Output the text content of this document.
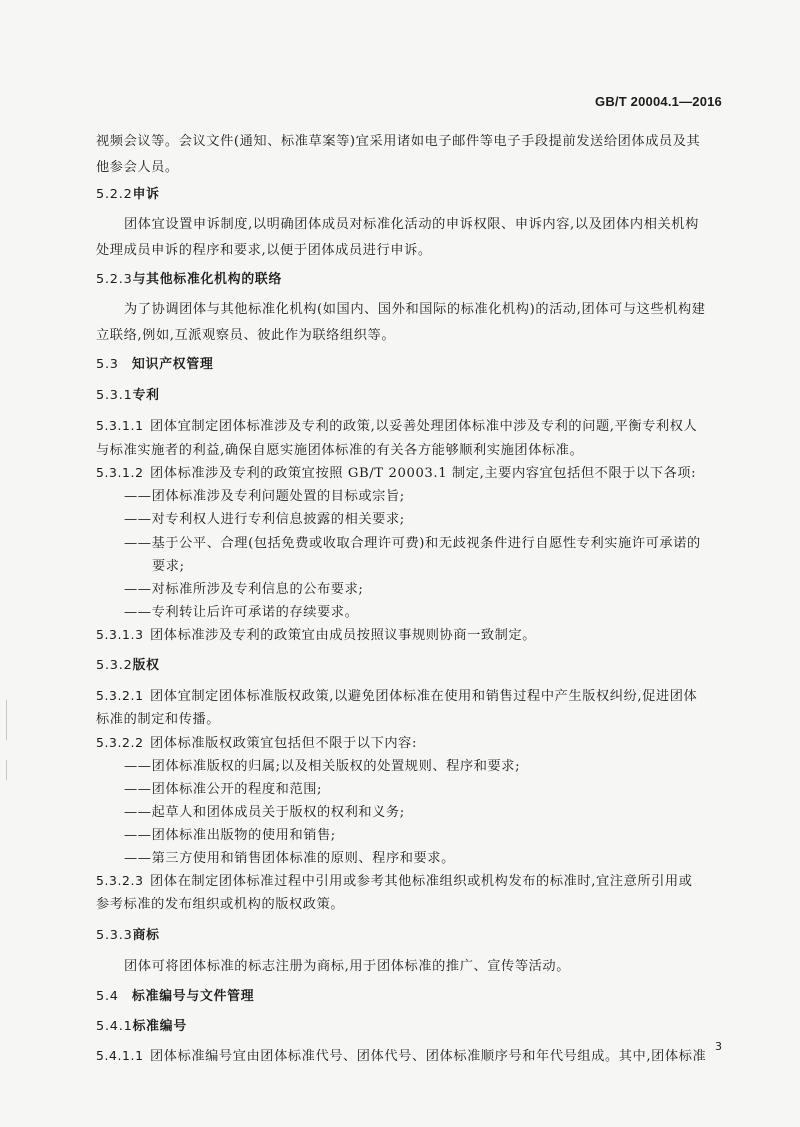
GB/T 20004.1—2016
视频会议等。会议文件(通知、标准草案等)宜采用诸如电子邮件等电子手段提前发送给团体成员及其
他参会人员。
5.2.2申诉
团体宜设置申诉制度,以明确团体成员对标准化活动的申诉权限、申诉内容,以及团体内相关机构
处理成员申诉的程序和要求,以便于团体成员进行申诉。
5.2.3与其他标准化机构的联络
为了协调团体与其他标准化机构(如国内、国外和国际的标准化机构)的活动,团体可与这些机构建
立联络,例如,互派观察员、彼此作为联络组织等。
5.3 知识产权管理
5.3.1专利
5.3.1.1 团体宜制定团体标准涉及专利的政策,以妥善处理团体标准中涉及专利的问题,平衡专利权人
与标准实施者的利益,确保自愿实施团体标准的有关各方能够顺利实施团体标准。
5.3.1.2 团体标准涉及专利的政策宜按照 GB/T 20003.1 制定,主要内容宜包括但不限于以下各项:
——团体标准涉及专利问题处置的目标或宗旨;
——对专利权人进行专利信息披露的相关要求;
——基于公平、合理(包括免费或收取合理许可费)和无歧视条件进行自愿性专利实施许可承诺的
要求;
——对标准所涉及专利信息的公布要求;
——专利转让后许可承诺的存续要求。
5.3.1.3 团体标准涉及专利的政策宜由成员按照议事规则协商一致制定。
5.3.2版权
5.3.2.1 团体宜制定团体标准版权政策,以避免团体标准在使用和销售过程中产生版权纠纷,促进团体
标准的制定和传播。
5.3.2.2 团体标准版权政策宜包括但不限于以下内容:
——团体标准版权的归属;以及相关版权的处置规则、程序和要求;
——团体标准公开的程度和范围;
——起草人和团体成员关于版权的权利和义务;
——团体标准出版物的使用和销售;
——第三方使用和销售团体标准的原则、程序和要求。
5.3.2.3 团体在制定团体标准过程中引用或参考其他标准组织或机构发布的标准时,宜注意所引用或
参考标准的发布组织或机构的版权政策。
5.3.3商标
团体可将团体标准的标志注册为商标,用于团体标准的推广、宣传等活动。
5.4 标准编号与文件管理
5.4.1标准编号
5.4.1.1 团体标准编号宜由团体标准代号、团体代号、团体标准顺序号和年代号组成。其中,团体标准
3
